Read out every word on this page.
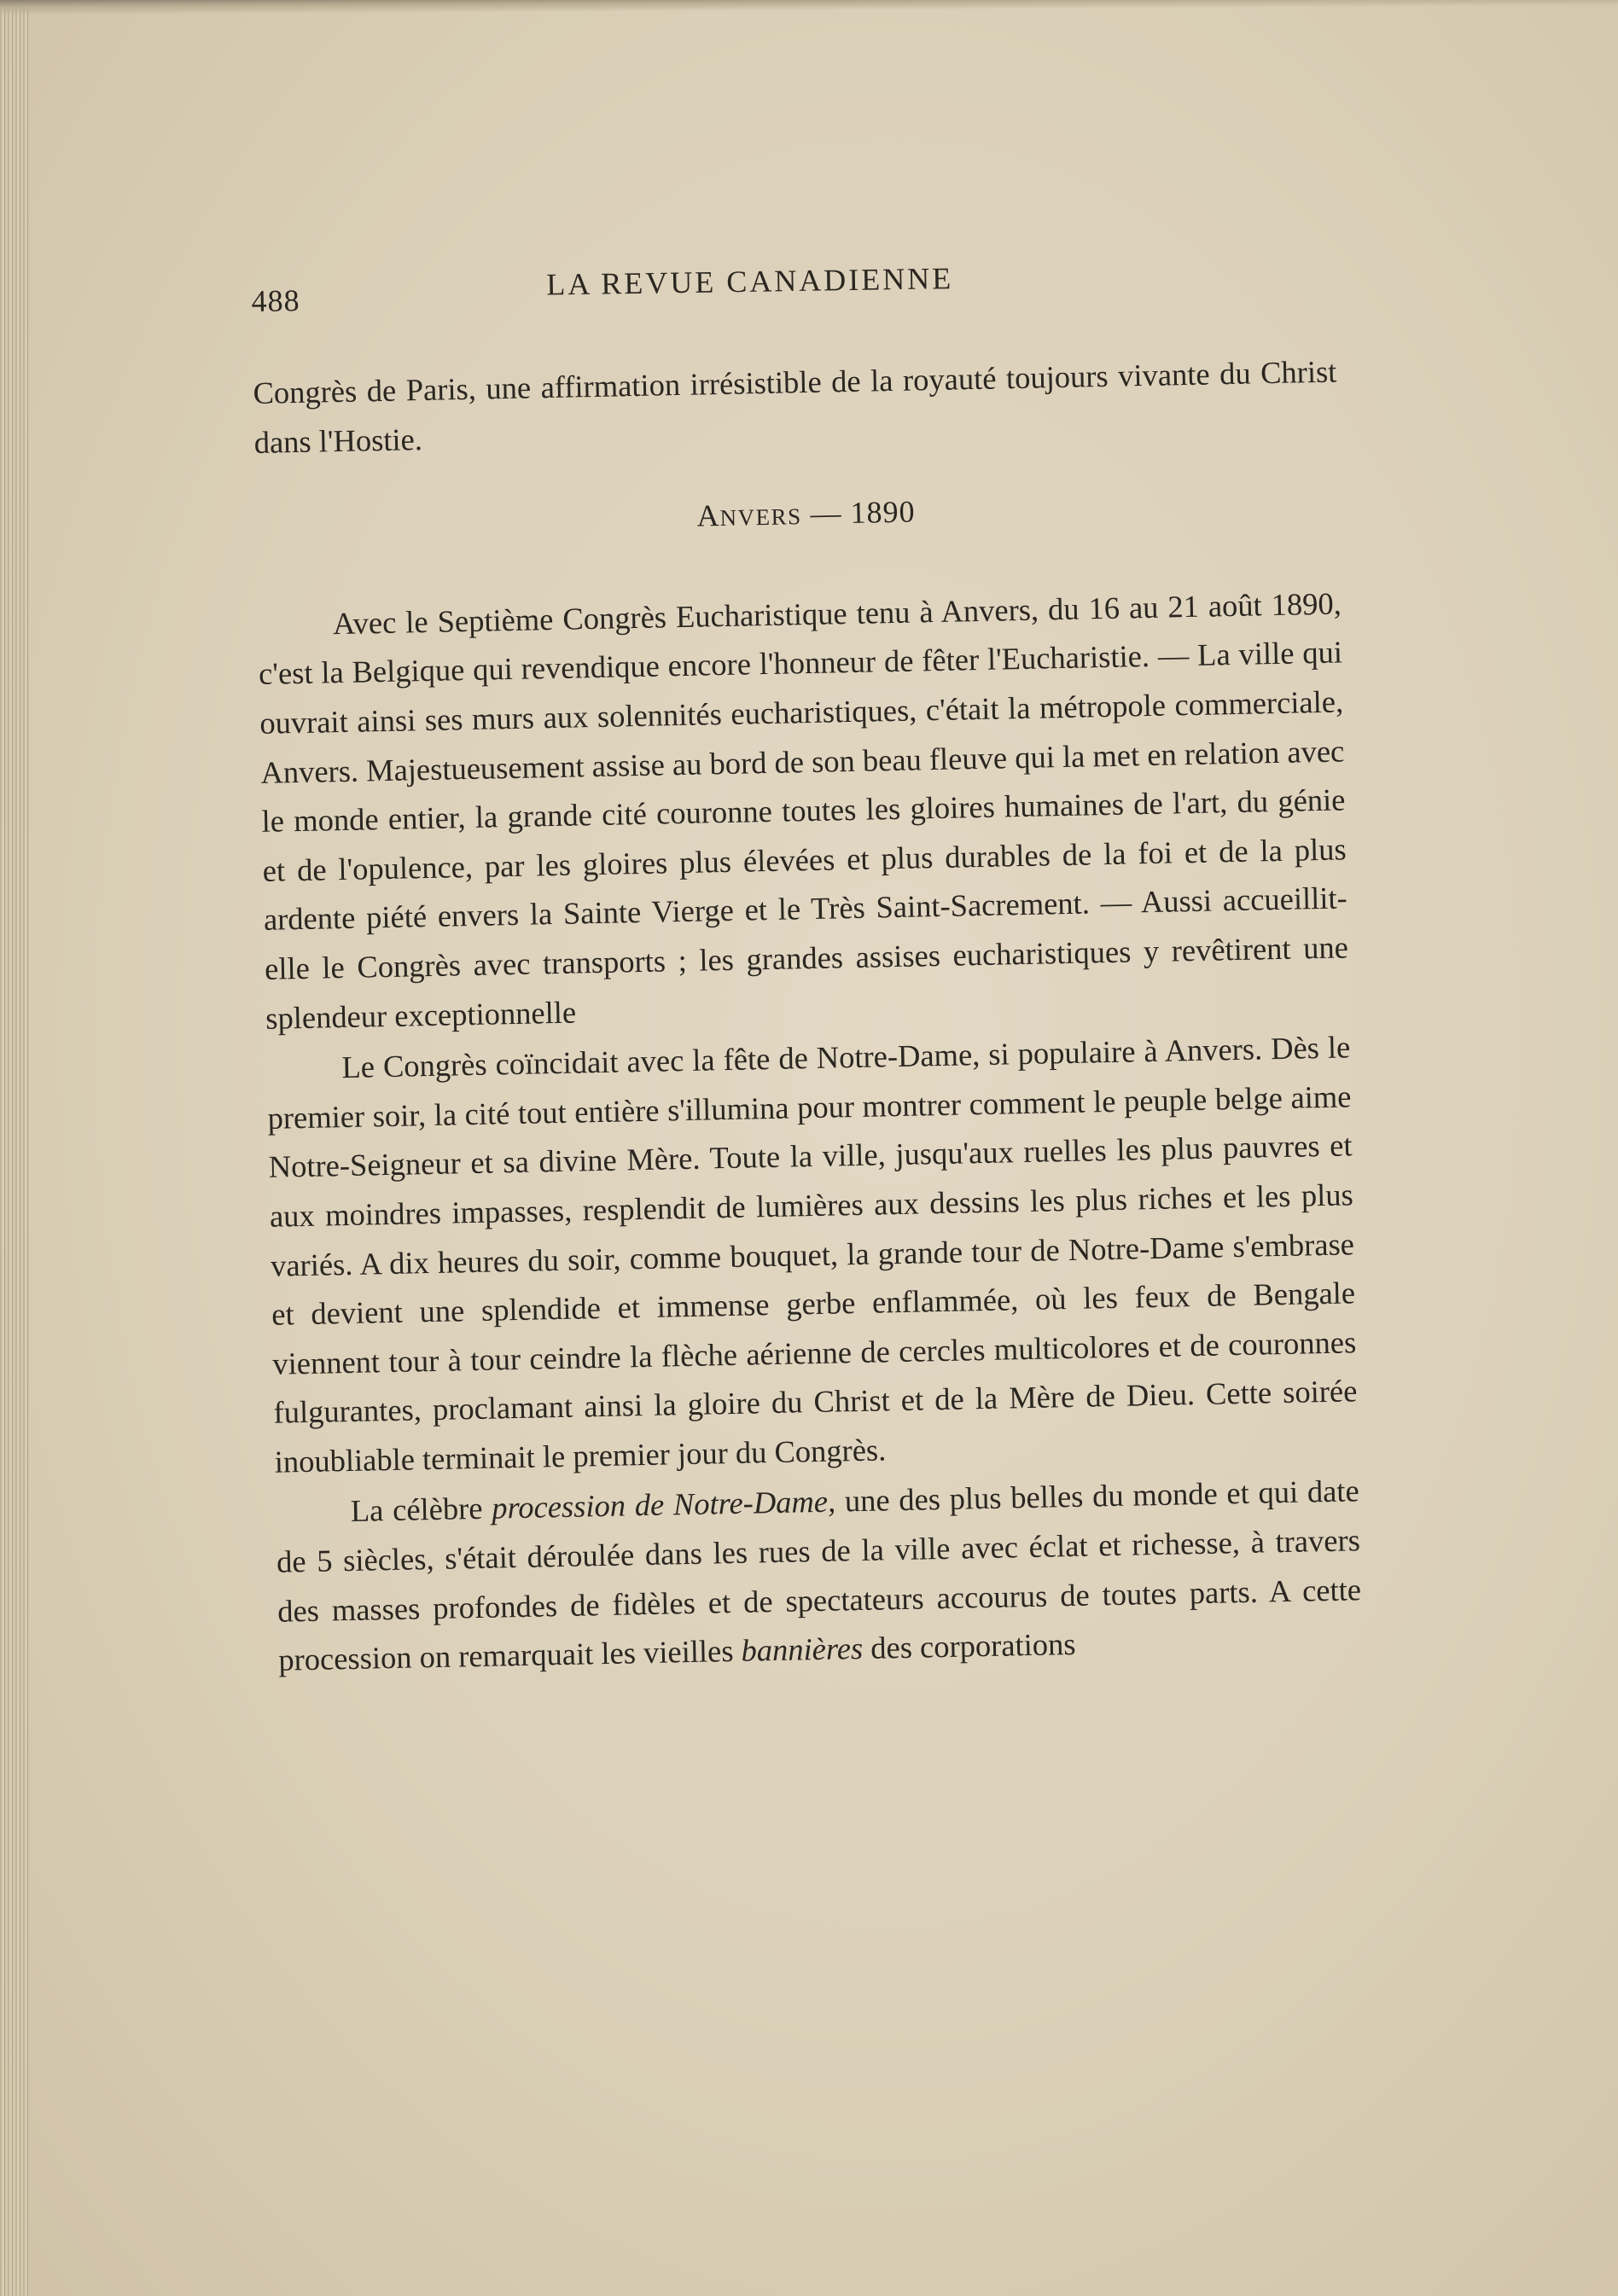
488	LA REVUE CANADIENNE

Congrès de Paris, une affirmation irrésistible de la royauté toujours vivante du Christ dans l'Hostie.

ANVERS — 1890

Avec le Septième Congrès Eucharistique tenu à Anvers, du 16 au 21 août 1890, c'est la Belgique qui revendique encore l'honneur de fêter l'Eucharistie. — La ville qui ouvrait ainsi ses murs aux solennités eucharistiques, c'était la métropole commerciale, Anvers. Majestueusement assise au bord de son beau fleuve qui la met en relation avec le monde entier, la grande cité couronne toutes les gloires humaines de l'art, du génie et de l'opulence, par les gloires plus élevées et plus durables de la foi et de la plus ardente piété envers la Sainte Vierge et le Très Saint-Sacrement. — Aussi accueillit-elle le Congrès avec transports ; les grandes assises eucharistiques y revêtirent une splendeur exceptionnelle

Le Congrès coïncidait avec la fête de Notre-Dame, si populaire à Anvers. Dès le premier soir, la cité tout entière s'illumina pour montrer comment le peuple belge aime Notre-Seigneur et sa divine Mère. Toute la ville, jusqu'aux ruelles les plus pauvres et aux moindres impasses, resplendit de lumières aux dessins les plus riches et les plus variés. A dix heures du soir, comme bouquet, la grande tour de Notre-Dame s'embrase et devient une splendide et immense gerbe enflammée, où les feux de Bengale viennent tour à tour ceindre la flèche aérienne de cercles multicolores et de couronnes fulgurantes, proclamant ainsi la gloire du Christ et de la Mère de Dieu. Cette soirée inoubliable terminait le premier jour du Congrès.

La célèbre procession de Notre-Dame, une des plus belles du monde et qui date de 5 siècles, s'était déroulée dans les rues de la ville avec éclat et richesse, à travers des masses profondes de fidèles et de spectateurs accourus de toutes parts. A cette procession on remarquait les vieilles bannières des corporations
